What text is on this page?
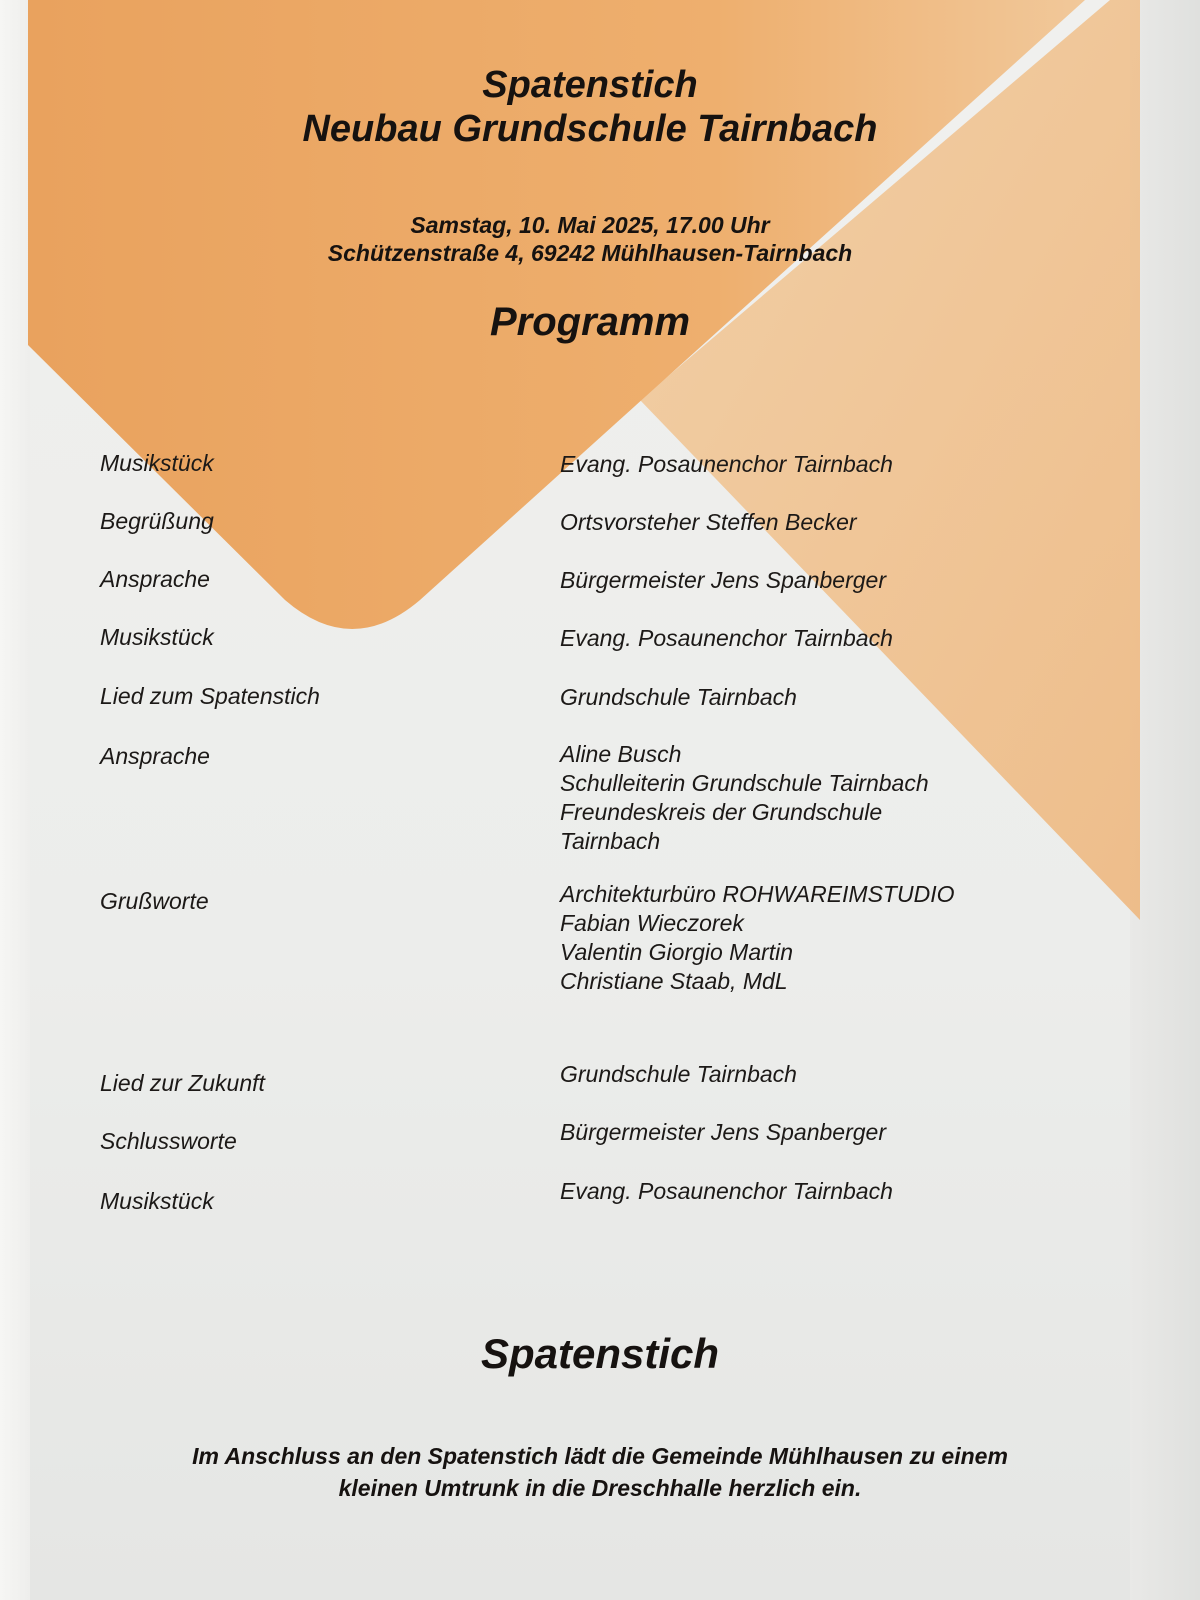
Spatenstich
Neubau Grundschule Tairnbach
Samstag, 10. Mai 2025, 17.00 Uhr
Schützenstraße 4, 69242 Mühlhausen-Tairnbach
Programm
Musikstück	Evang. Posaunenchor Tairnbach
Begrüßung	Ortsvorsteher Steffen Becker
Ansprache	Bürgermeister Jens Spanberger
Musikstück	Evang. Posaunenchor Tairnbach
Lied zum Spatenstich	Grundschule Tairnbach
Ansprache	Aline Busch
Schulleiterin Grundschule Tairnbach
Freundeskreis der Grundschule
Tairnbach
Grußworte	Architekturbüro ROHWAREIMSTUDIO
Fabian Wieczorek
Valentin Giorgio Martin
Christiane Staab, MdL
Lied zur Zukunft	Grundschule Tairnbach
Schlussworte	Bürgermeister Jens Spanberger
Musikstück	Evang. Posaunenchor Tairnbach
Spatenstich
Im Anschluss an den Spatenstich lädt die Gemeinde Mühlhausen zu einem
kleinen Umtrunk in die Dreschhalle herzlich ein.
